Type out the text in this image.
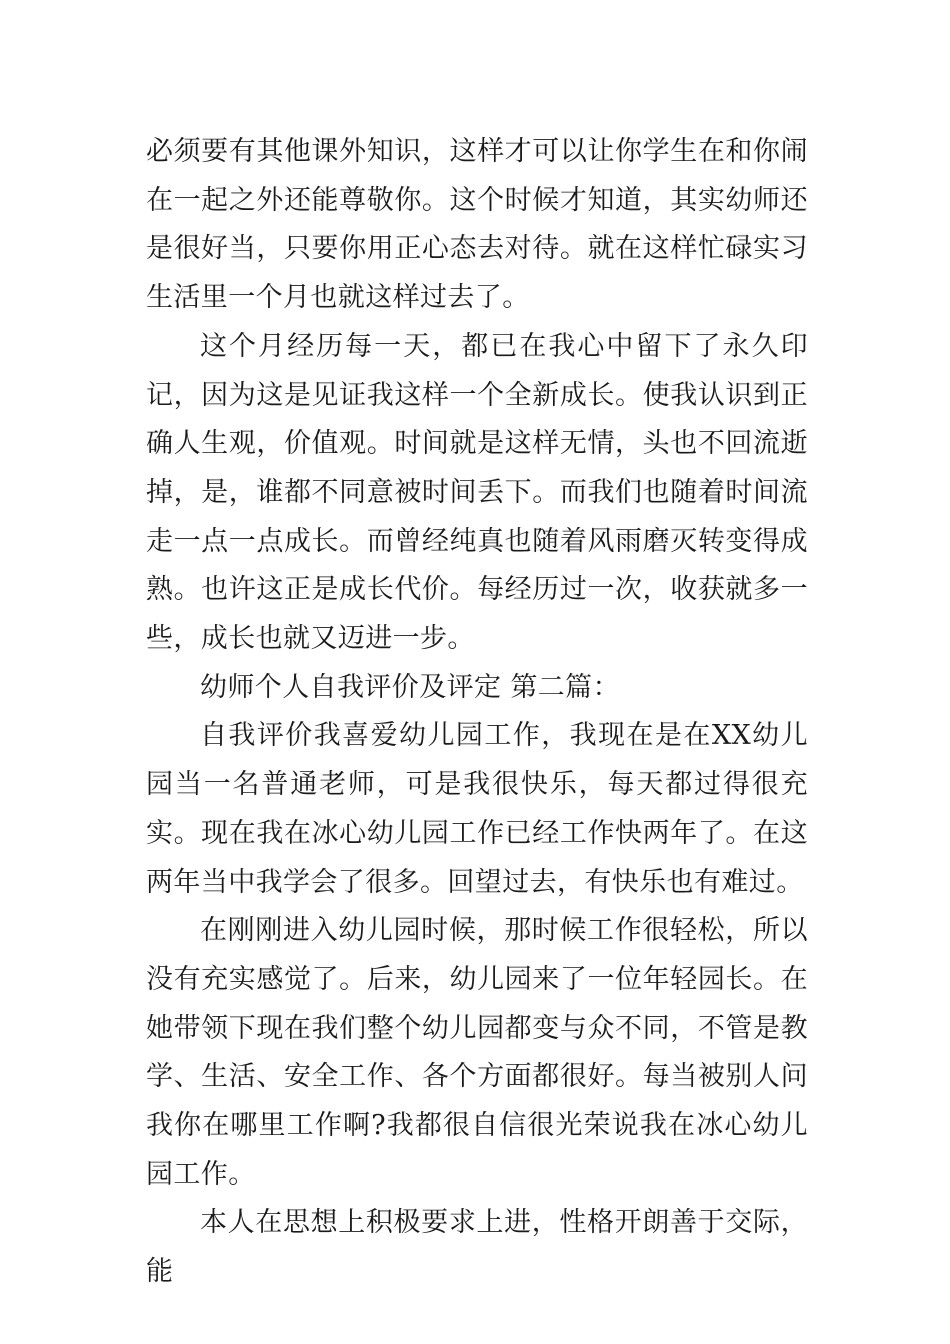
必须要有其他课外知识，这样才可以让你学生在和你闹在一起之外还能尊敬你。这个时候才知道，其实幼师还是很好当，只要你用正心态去对待。就在这样忙碌实习生活里一个月也就这样过去了。

这个月经历每一天，都已在我心中留下了永久印记，因为这是见证我这样一个全新成长。使我认识到正确人生观，价值观。时间就是这样无情，头也不回流逝掉，是，谁都不同意被时间丢下。而我们也随着时间流走一点一点成长。而曾经纯真也随着风雨磨灭转变得成熟。也许这正是成长代价。每经历过一次，收获就多一些，成长也就又迈进一步。

幼师个人自我评价及评定 第二篇：

自我评价我喜爱幼儿园工作，我现在是在XX幼儿园当一名普通老师，可是我很快乐，每天都过得很充实。现在我在冰心幼儿园工作已经工作快两年了。在这两年当中我学会了很多。回望过去，有快乐也有难过。

在刚刚进入幼儿园时候，那时候工作很轻松，所以没有充实感觉了。后来，幼儿园来了一位年轻园长。在她带领下现在我们整个幼儿园都变与众不同，不管是教学、生活、安全工作、各个方面都很好。每当被别人问我你在哪里工作啊?我都很自信很光荣说我在冰心幼儿园工作。

本人在思想上积极要求上进，性格开朗善于交际，能
